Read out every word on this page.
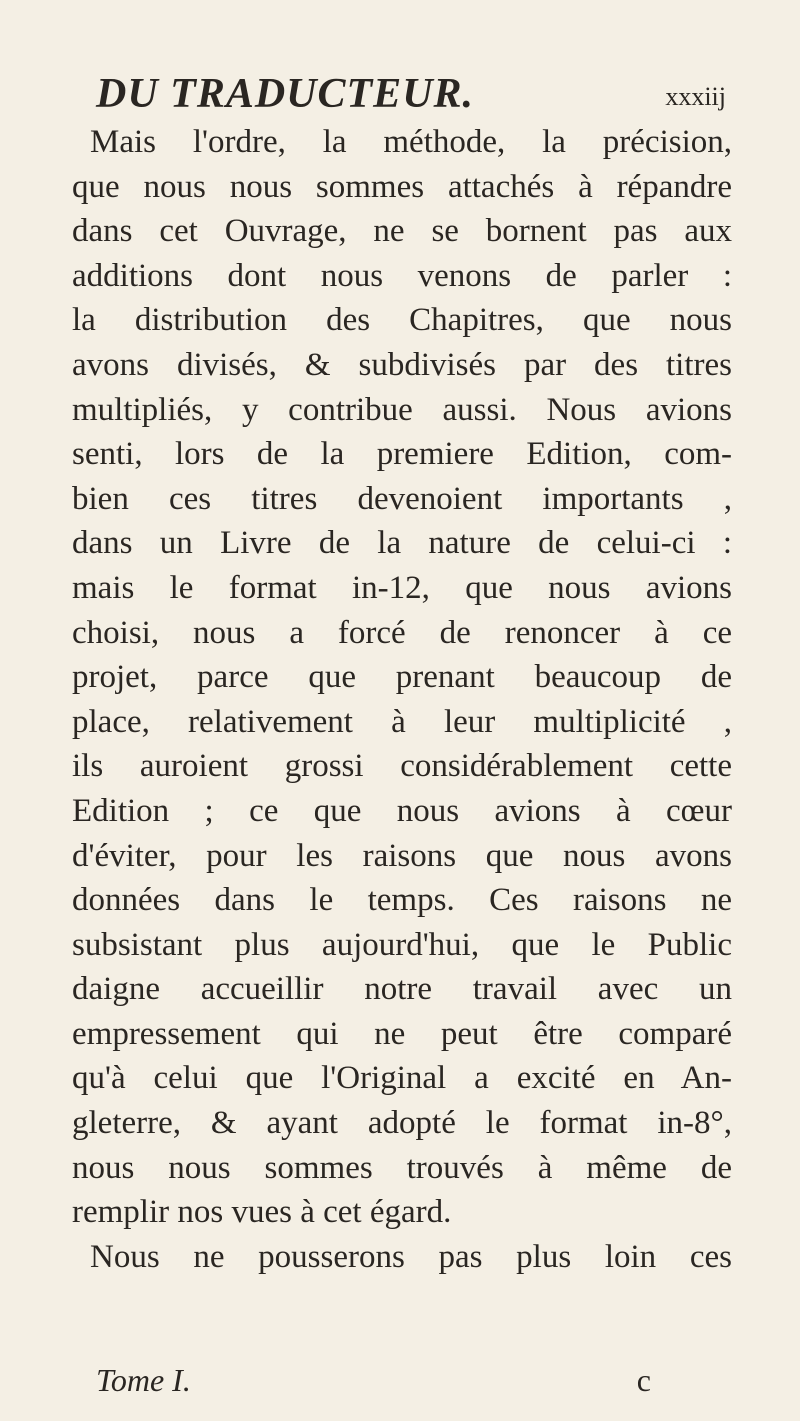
DU TRADUCTEUR.	xxxiij
Mais l'ordre, la méthode, la précision,
que nous nous sommes attachés à répandre
dans cet Ouvrage, ne se bornent pas aux
additions dont nous venons de parler :
la distribution des Chapitres, que nous
avons divisés, & subdivisés par des titres
multipliés, y contribue aussi. Nous avions
senti, lors de la premiere Edition, com-
bien ces titres devenoient importants ,
dans un Livre de la nature de celui-ci :
mais le format in-12, que nous avions
choisi, nous a forcé de renoncer à ce
projet, parce que prenant beaucoup de
place, relativement à leur multiplicité ,
ils auroient grossi considérablement cette
Edition ; ce que nous avions à cœur
d'éviter, pour les raisons que nous avons
données dans le temps. Ces raisons ne
subsistant plus aujourd'hui, que le Public
daigne accueillir notre travail avec un
empressement qui ne peut être comparé
qu'à celui que l'Original a excité en An-
gleterre, & ayant adopté le format in-8°,
nous nous sommes trouvés à même de
remplir nos vues à cet égard.
Nous ne pousserons pas plus loin ces
Tome I.	c
